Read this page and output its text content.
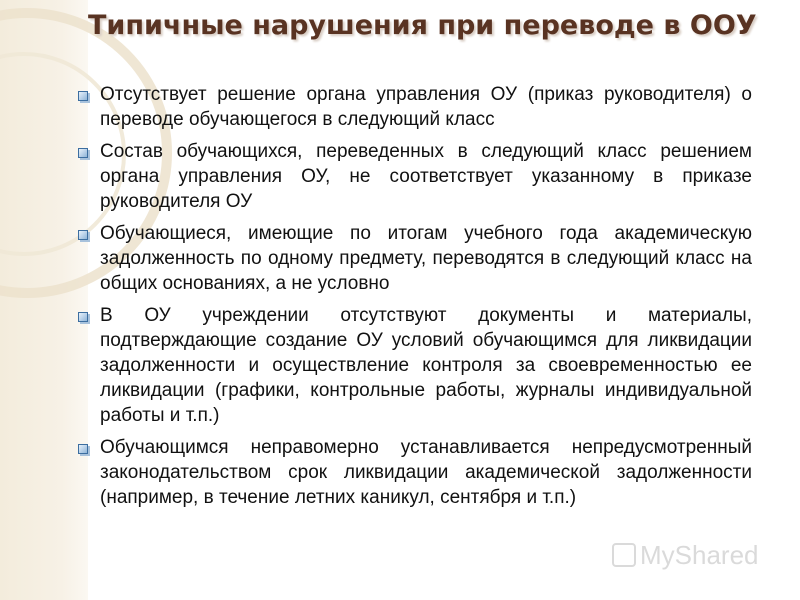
Типичные нарушения при переводе в ООУ
Отсутствует решение органа управления ОУ (приказ руководителя) о переводе обучающегося в следующий класс
Состав обучающихся, переведенных в следующий класс решением органа управления ОУ, не соответствует указанному в приказе руководителя ОУ
Обучающиеся, имеющие по итогам учебного года академическую задолженность по одному предмету, переводятся в следующий класс на общих основаниях, а не условно
В ОУ учреждении отсутствуют документы и материалы, подтверждающие создание ОУ условий обучающимся для ликвидации задолженности и осуществление контроля за своевременностью ее ликвидации (графики, контрольные работы, журналы индивидуальной работы и т.п.)
Обучающимся неправомерно устанавливается непредусмотренный законодательством срок ликвидации академической задолженности (например, в течение летних каникул, сентября и т.п.)
MyShared
